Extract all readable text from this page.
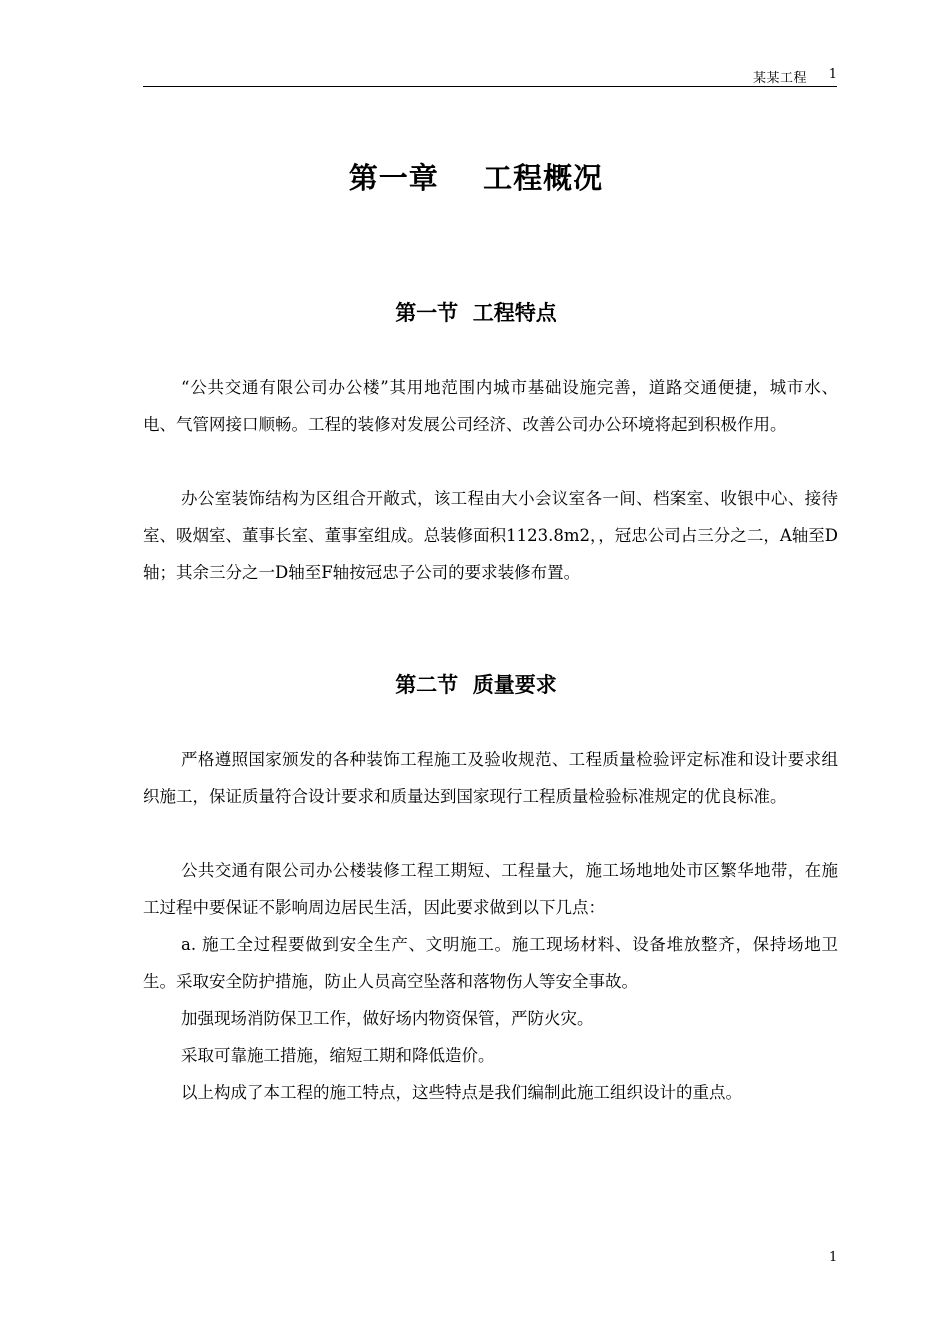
某某工程 1
第一章    工程概况
第一节  工程特点

“公共交通有限公司办公楼”其用地范围内城市基础设施完善，道路交通便捷，城市水、电、气管网接口顺畅。工程的装修对发展公司经济、改善公司办公环境将起到积极作用。

办公室装饰结构为区组合开敞式，该工程由大小会议室各一间、档案室、收银中心、接待室、吸烟室、董事长室、董事室组成。总装修面积1123.8m2，，冠忠公司占三分之二，A轴至D轴；其余三分之一D轴至F轴按冠忠子公司的要求装修布置。

第二节  质量要求

严格遵照国家颁发的各种装饰工程施工及验收规范、工程质量检验评定标准和设计要求组织施工，保证质量符合设计要求和质量达到国家现行工程质量检验标准规定的优良标准。

公共交通有限公司办公楼装修工程工期短、工程量大，施工场地地处市区繁华地带，在施工过程中要保证不影响周边居民生活，因此要求做到以下几点：

a. 施工全过程要做到安全生产、文明施工。施工现场材料、设备堆放整齐，保持场地卫生。采取安全防护措施，防止人员高空坠落和落物伤人等安全事故。

加强现场消防保卫工作，做好场内物资保管，严防火灾。

采取可靠施工措施，缩短工期和降低造价。

以上构成了本工程的施工特点，这些特点是我们编制此施工组织设计的重点。

1
